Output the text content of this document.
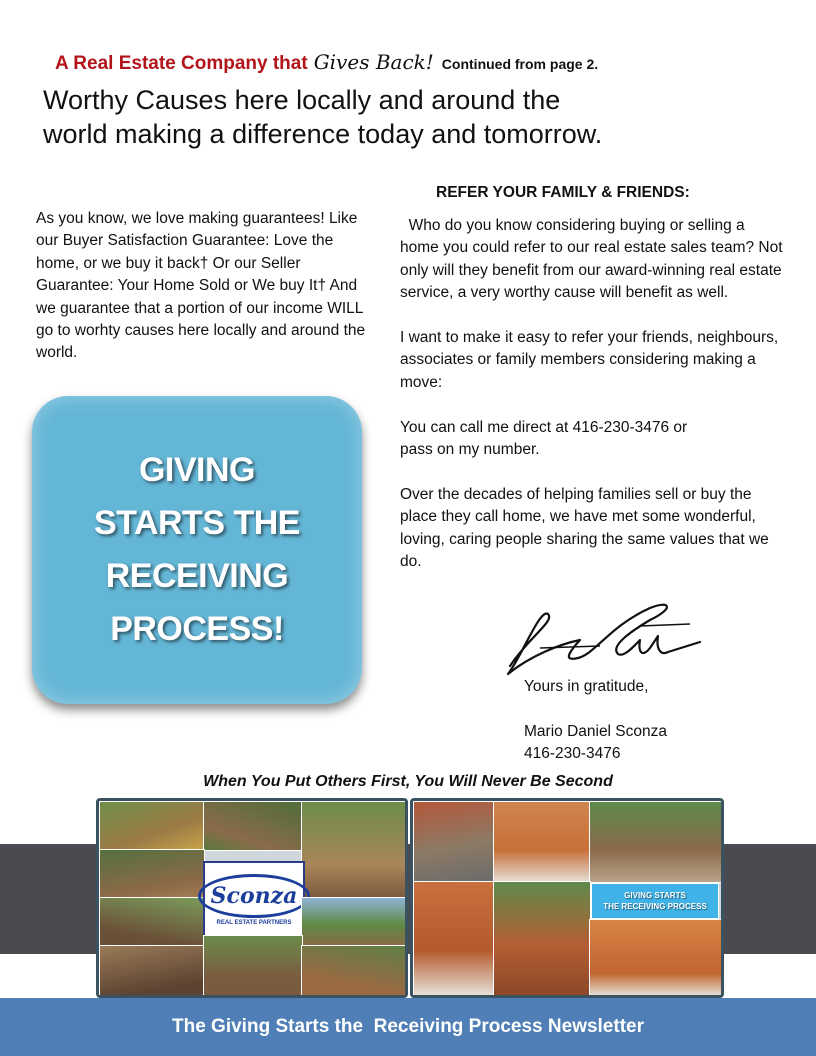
A Real Estate Company that Gives Back! Continued from page 2.
Worthy Causes here locally and around the
world making a difference today and tomorrow.
As you know, we love making guarantees! Like our Buyer Satisfaction Guarantee: Love the home, or we buy it back† Or our Seller Guarantee: Your Home Sold or We buy It† And we guarantee that a portion of our income WILL go to worhty causes here locally and around the world.
GIVING
STARTS THE
RECEIVING
PROCESS!
REFER YOUR FAMILY & FRIENDS:

Who do you know considering buying or selling a home you could refer to our real estate sales team? Not only will they benefit from our award-winning real estate service, a very worthy cause will benefit as well.

I want to make it easy to refer your friends, neighbours, associates or family members considering making a move:

You can call me direct at 416-230-3476 or
pass on my number.

Over the decades of helping families sell or buy the place they call home, we have met some wonderful, loving, caring people sharing the same values that we do.

Yours in gratitude,

Mario Daniel Sconza
416-230-3476
When You Put Others First, You Will Never Be Second
Sconza
REAL ESTATE PARTNERS
GIVING STARTS
THE RECEIVING PROCESS
The Giving Starts the  Receiving Process Newsletter
